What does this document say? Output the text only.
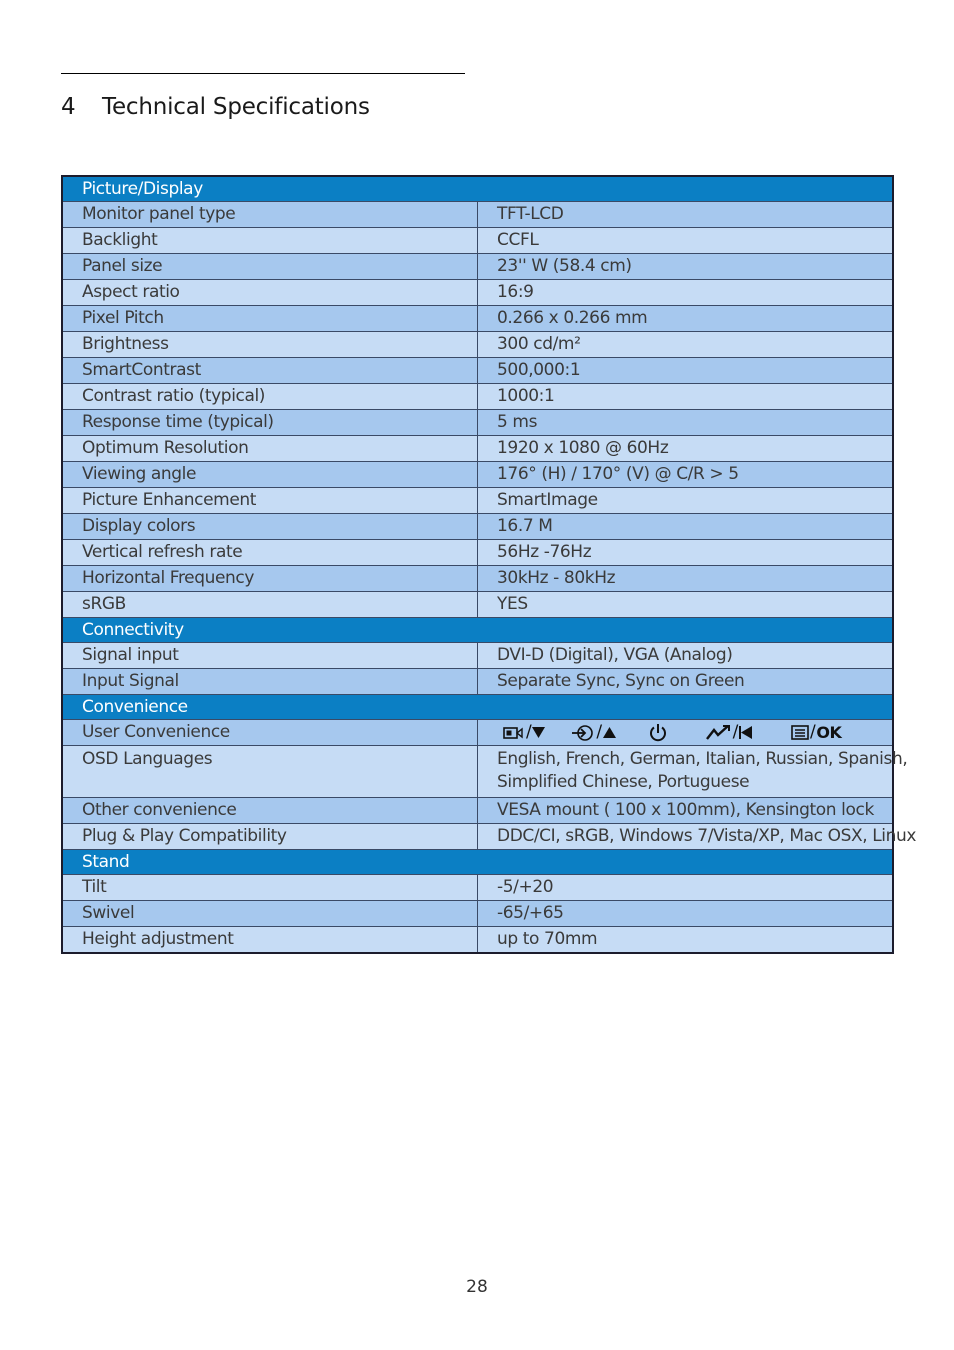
4 Technical Specifications
Picture/Display	
Monitor panel type	TFT-LCD
Backlight	CCFL
Panel size	23'' W (58.4 cm)
Aspect ratio	16:9
Pixel Pitch	0.266 x 0.266 mm
Brightness	300 cd/m²
SmartContrast	500,000:1
Contrast ratio (typical)	1000:1
Response time (typical)	5 ms
Optimum Resolution	1920 x 1080 @ 60Hz
Viewing angle	176° (H) / 170° (V) @ C/R > 5
Picture Enhancement	SmartImage
Display colors	16.7 M
Vertical refresh rate	56Hz -76Hz
Horizontal Frequency	30kHz - 80kHz
sRGB	YES
Connectivity	
Signal input	DVI-D (Digital), VGA (Analog)
Input Signal	Separate Sync, Sync on Green
Convenience	
User Convenience	/ / / / OK

OSD Languages	English, French, German, Italian, Russian, Spanish,
Simplified Chinese, Portuguese

Other convenience	VESA mount ( 100 x 100mm), Kensington lock
Plug & Play Compatibility	DDC/CI, sRGB, Windows 7/Vista/XP, Mac OSX, Linux
Stand	
Tilt	-5/+20
Swivel	-65/+65
Height adjustment	up to 70mm
28
